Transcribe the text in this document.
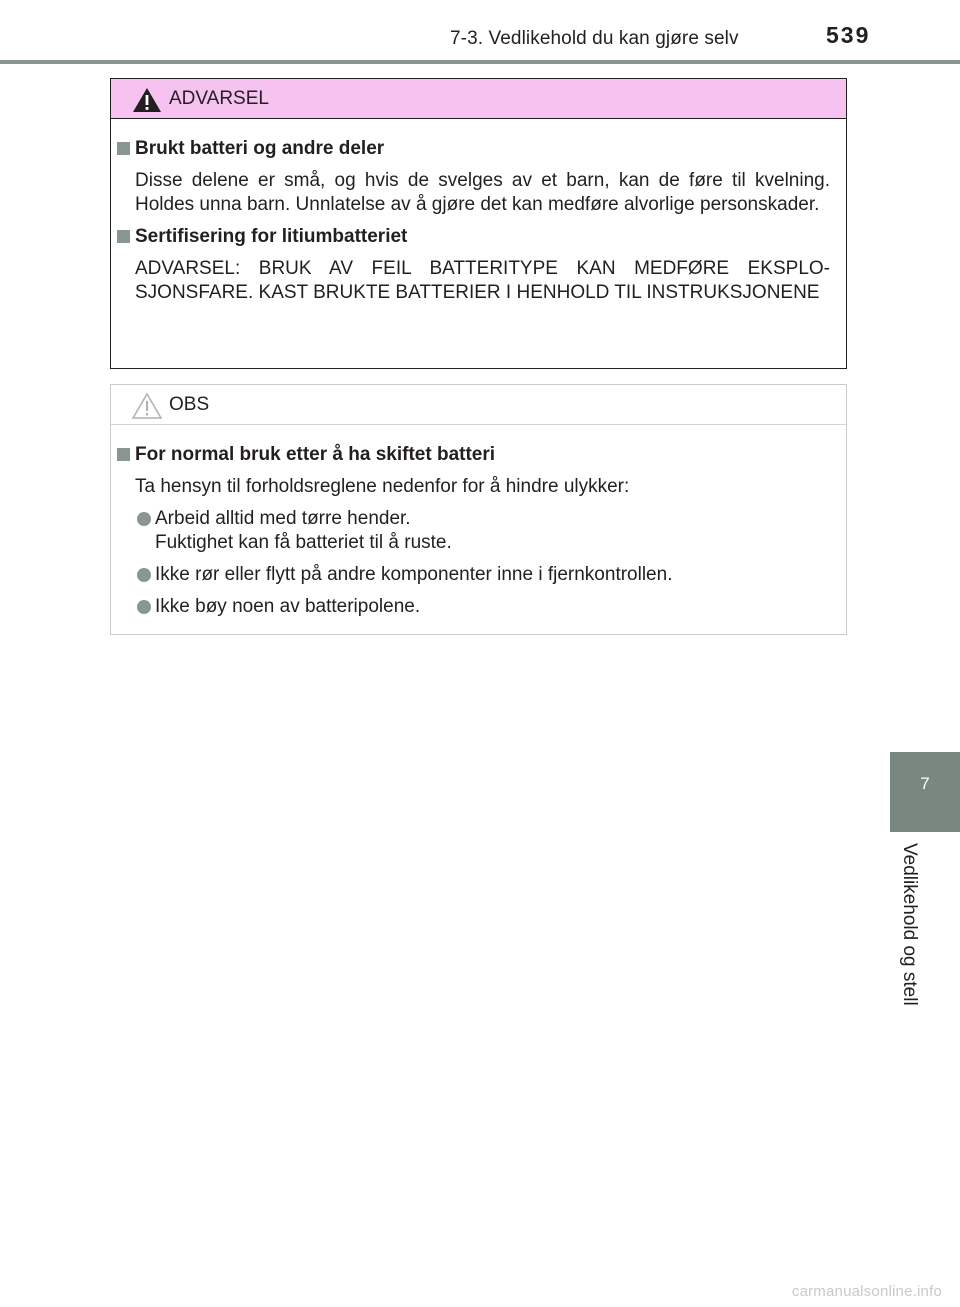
7-3. Vedlikehold du kan gjøre selv	539
ADVARSEL
Brukt batteri og andre deler

Disse delene er små, og hvis de svelges av et barn, kan de føre til kvelning. Holdes unna barn. Unnlatelse av å gjøre det kan medføre alvorlige personskader.

Sertifisering for litiumbatteriet

ADVARSEL: BRUK AV FEIL BATTERITYPE KAN MEDFØRE EKSPLOSJONSFARE. KAST BRUKTE BATTERIER I HENHOLD TIL INSTRUKSJONENE

OBS
For normal bruk etter å ha skiftet batteri

Ta hensyn til forholdsreglene nedenfor for å hindre ulykker:

Arbeid alltid med tørre hender.
Fuktighet kan få batteriet til å ruste.
Ikke rør eller flytt på andre komponenter inne i fjernkontrollen.
Ikke bøy noen av batteripolene.
7
Vedlikehold og stell
carmanualsonline.info
